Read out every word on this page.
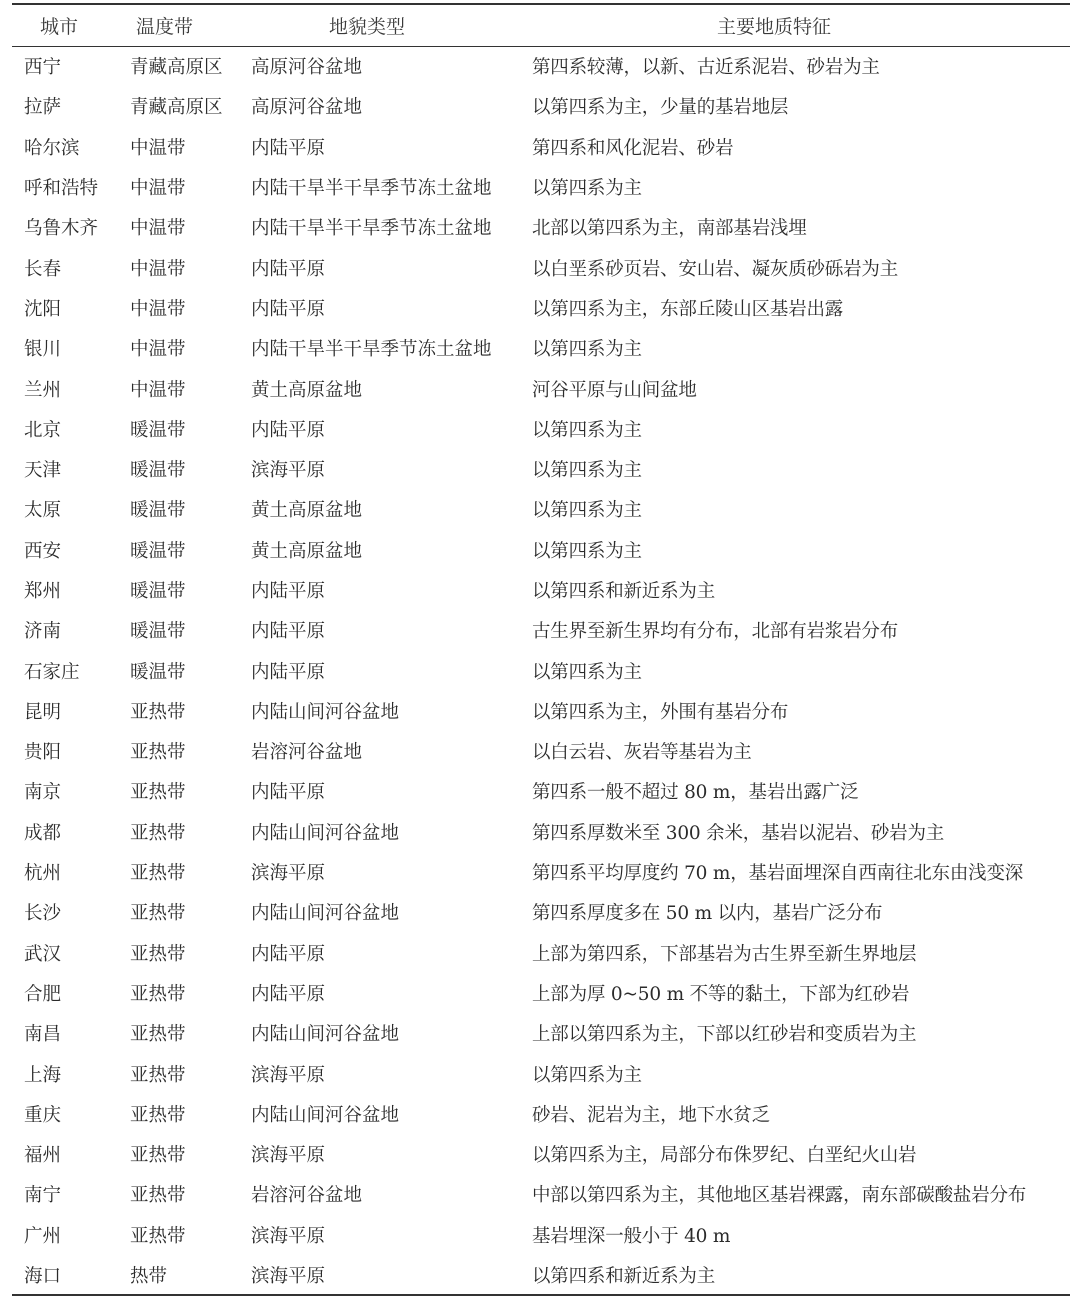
城市	温度带	地貌类型	主要地质特征
西宁	青藏高原区	高原河谷盆地	第四系较薄，以新、古近系泥岩、砂岩为主
拉萨	青藏高原区	高原河谷盆地	以第四系为主，少量的基岩地层
哈尔滨	中温带	内陆平原	第四系和风化泥岩、砂岩
呼和浩特	中温带	内陆干旱半干旱季节冻土盆地	以第四系为主
乌鲁木齐	中温带	内陆干旱半干旱季节冻土盆地	北部以第四系为主，南部基岩浅埋
长春	中温带	内陆平原	以白垩系砂页岩、安山岩、凝灰质砂砾岩为主
沈阳	中温带	内陆平原	以第四系为主，东部丘陵山区基岩出露
银川	中温带	内陆干旱半干旱季节冻土盆地	以第四系为主
兰州	中温带	黄土高原盆地	河谷平原与山间盆地
北京	暖温带	内陆平原	以第四系为主
天津	暖温带	滨海平原	以第四系为主
太原	暖温带	黄土高原盆地	以第四系为主
西安	暖温带	黄土高原盆地	以第四系为主
郑州	暖温带	内陆平原	以第四系和新近系为主
济南	暖温带	内陆平原	古生界至新生界均有分布，北部有岩浆岩分布
石家庄	暖温带	内陆平原	以第四系为主
昆明	亚热带	内陆山间河谷盆地	以第四系为主，外围有基岩分布
贵阳	亚热带	岩溶河谷盆地	以白云岩、灰岩等基岩为主
南京	亚热带	内陆平原	第四系一般不超过 80 m，基岩出露广泛
成都	亚热带	内陆山间河谷盆地	第四系厚数米至 300 余米，基岩以泥岩、砂岩为主
杭州	亚热带	滨海平原	第四系平均厚度约 70 m，基岩面埋深自西南往北东由浅变深
长沙	亚热带	内陆山间河谷盆地	第四系厚度多在 50 m 以内，基岩广泛分布
武汉	亚热带	内陆平原	上部为第四系，下部基岩为古生界至新生界地层
合肥	亚热带	内陆平原	上部为厚 0~50 m 不等的黏土，下部为红砂岩
南昌	亚热带	内陆山间河谷盆地	上部以第四系为主，下部以红砂岩和变质岩为主
上海	亚热带	滨海平原	以第四系为主
重庆	亚热带	内陆山间河谷盆地	砂岩、泥岩为主，地下水贫乏
福州	亚热带	滨海平原	以第四系为主，局部分布侏罗纪、白垩纪火山岩
南宁	亚热带	岩溶河谷盆地	中部以第四系为主，其他地区基岩裸露，南东部碳酸盐岩分布
广州	亚热带	滨海平原	基岩埋深一般小于 40 m
海口	热带	滨海平原	以第四系和新近系为主
